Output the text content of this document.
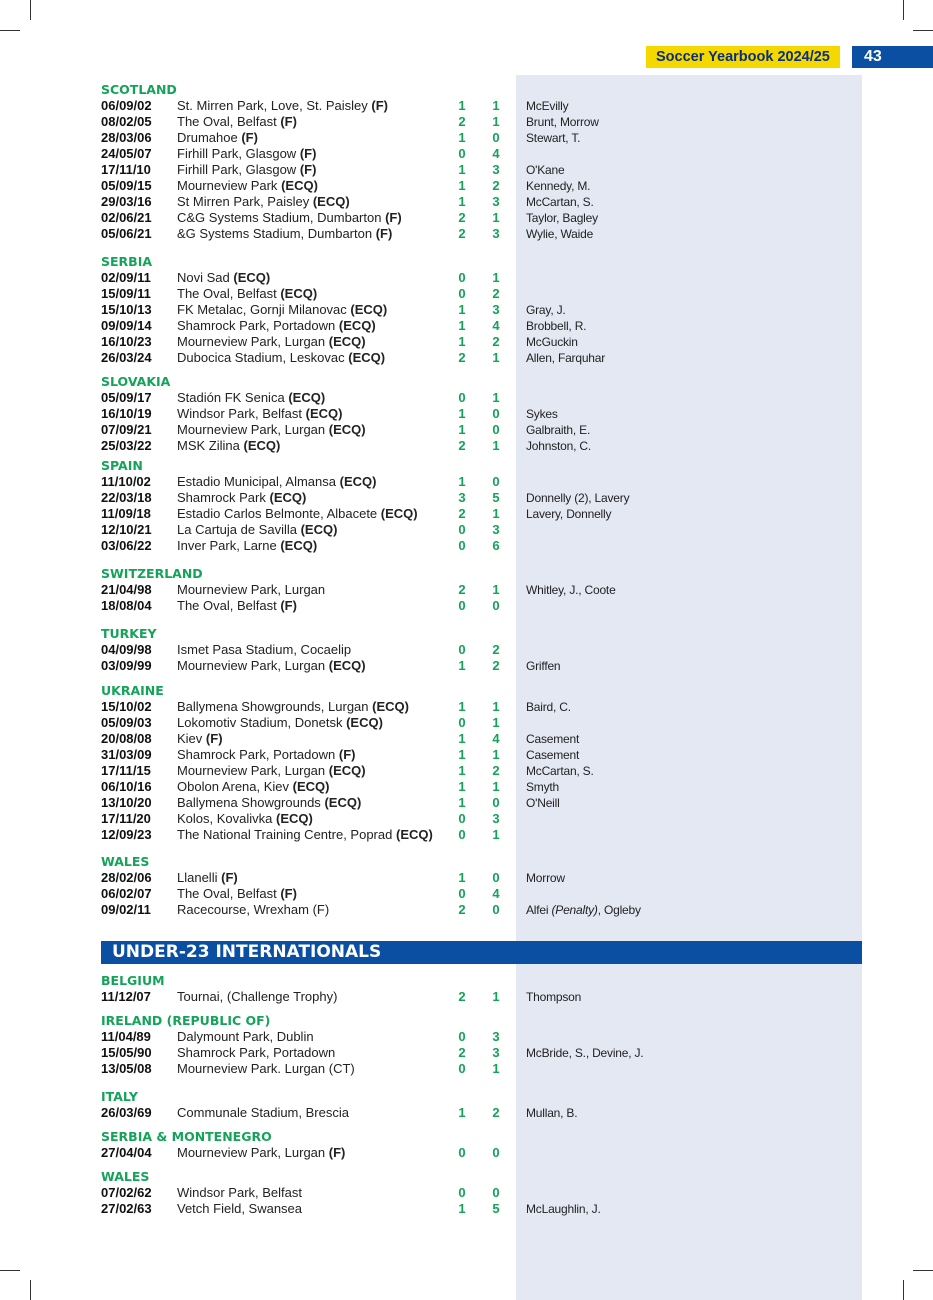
Soccer Yearbook 2024/25	43
SCOTLAND
06/09/02 St. Mirren Park, Love, St. Paisley (F)	1 1 McEvilly
08/02/05 The Oval, Belfast (F)	2 1 Brunt, Morrow
28/03/06 Drumahoe (F)	1 0 Stewart, T.
24/05/07 Firhill Park, Glasgow (F)	0 4
17/11/10 Firhill Park, Glasgow (F)	1 3 O'Kane
05/09/15 Mourneview Park (ECQ)	1 2 Kennedy, M.
29/03/16 St Mirren Park, Paisley (ECQ)	1 3 McCartan, S.
02/06/21 C&G Systems Stadium, Dumbarton (F)	2 1 Taylor, Bagley
05/06/21 &G Systems Stadium, Dumbarton (F)	2 3 Wylie, Waide
SERBIA
02/09/11 Novi Sad (ECQ)	0 1
15/09/11 The Oval, Belfast (ECQ)	0 2
15/10/13 FK Metalac, Gornji Milanovac (ECQ)	1 3 Gray, J.
09/09/14 Shamrock Park, Portadown (ECQ)	1 4 Brobbell, R.
16/10/23 Mourneview Park, Lurgan (ECQ)	1 2 McGuckin
26/03/24 Dubocica Stadium, Leskovac (ECQ)	2 1 Allen, Farquhar
SLOVAKIA
05/09/17 Stadión FK Senica (ECQ)	0 1
16/10/19 Windsor Park, Belfast (ECQ)	1 0 Sykes
07/09/21 Mourneview Park, Lurgan (ECQ)	1 0 Galbraith, E.
25/03/22 MSK Zilina (ECQ)	2 1 Johnston, C.
SPAIN
11/10/02 Estadio Municipal, Almansa (ECQ)	1 0
22/03/18 Shamrock Park (ECQ)	3 5 Donnelly (2), Lavery
11/09/18 Estadio Carlos Belmonte, Albacete (ECQ)	2 1 Lavery, Donnelly
12/10/21 La Cartuja de Savilla (ECQ)	0 3
03/06/22 Inver Park, Larne (ECQ)	0 6
SWITZERLAND
21/04/98 Mourneview Park, Lurgan	2 1 Whitley, J., Coote
18/08/04 The Oval, Belfast (F)	0 0
TURKEY
04/09/98 Ismet Pasa Stadium, Cocaelip	0 2
03/09/99 Mourneview Park, Lurgan (ECQ)	1 2 Griffen
UKRAINE
15/10/02 Ballymena Showgrounds, Lurgan (ECQ)	1 1 Baird, C.
05/09/03 Lokomotiv Stadium, Donetsk (ECQ)	0 1
20/08/08 Kiev (F)	1 4 Casement
31/03/09 Shamrock Park, Portadown (F)	1 1 Casement
17/11/15 Mourneview Park, Lurgan (ECQ)	1 2 McCartan, S.
06/10/16 Obolon Arena, Kiev (ECQ)	1 1 Smyth
13/10/20 Ballymena Showgrounds (ECQ)	1 0 O'Neill
17/11/20 Kolos, Kovalivka (ECQ)	0 3
12/09/23 The National Training Centre, Poprad (ECQ) 0 1
WALES
28/02/06 Llanelli (F)	1 0 Morrow
06/02/07 The Oval, Belfast (F)	0 4
09/02/11 Racecourse, Wrexham (F)	2 0 Alfei (Penalty), Ogleby
UNDER-23 INTERNATIONALS
BELGIUM
11/12/07 Tournai, (Challenge Trophy)	2 1 Thompson
IRELAND (REPUBLIC OF)
11/04/89 Dalymount Park, Dublin	0 3
15/05/90 Shamrock Park, Portadown	2 3 McBride, S., Devine, J.
13/05/08 Mourneview Park. Lurgan (CT)	0 1
ITALY
26/03/69 Communale Stadium, Brescia	1 2 Mullan, B.
SERBIA & MONTENEGRO
27/04/04 Mourneview Park, Lurgan (F)	0 0
WALES
07/02/62 Windsor Park, Belfast	0 0
27/02/63 Vetch Field, Swansea	1 5 McLaughlin, J.
